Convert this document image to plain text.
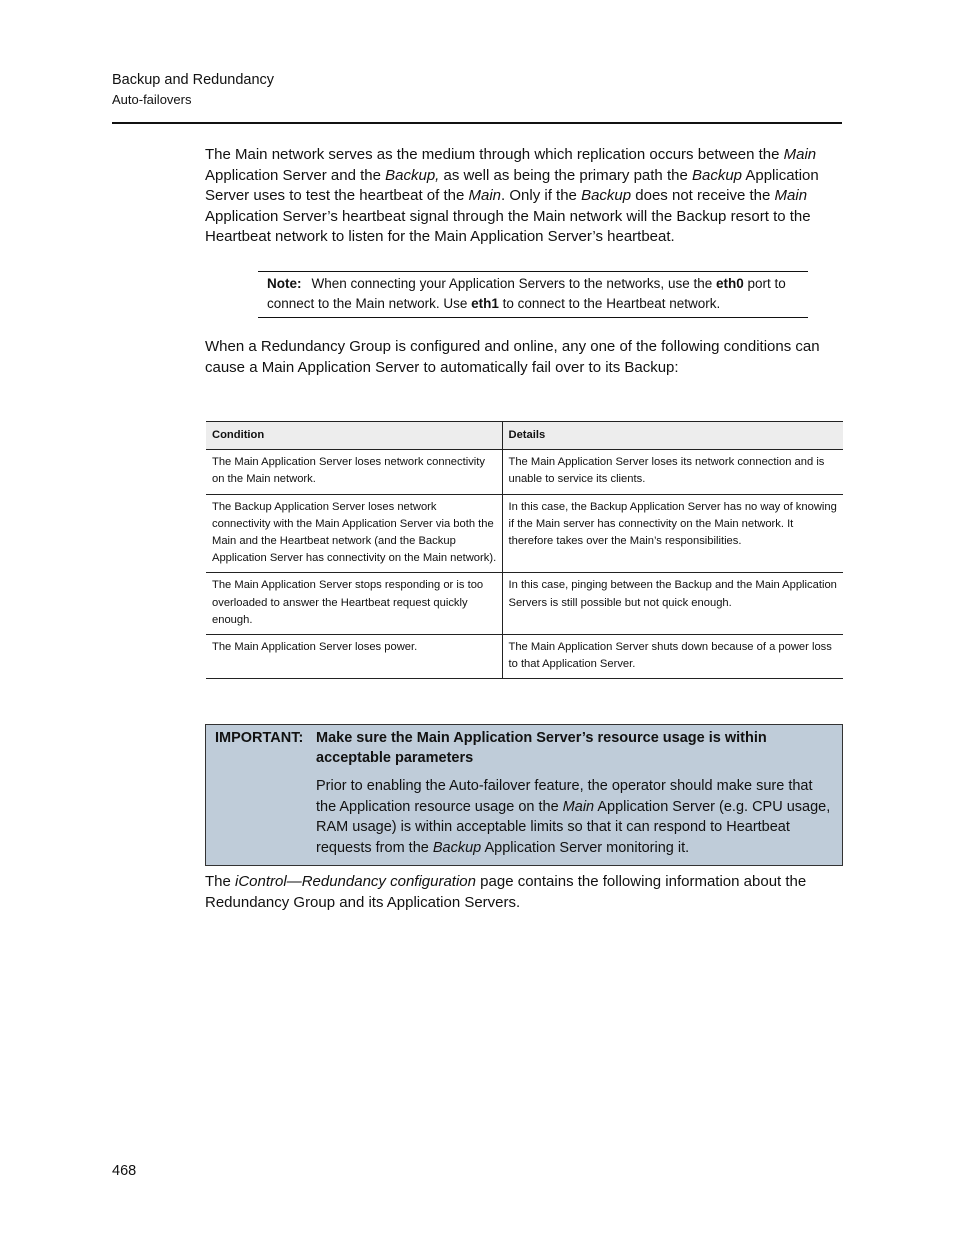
Backup and Redundancy
Auto-failovers

The Main network serves as the medium through which replication occurs between the Main Application Server and the Backup, as well as being the primary path the Backup Application Server uses to test the heartbeat of the Main. Only if the Backup does not receive the Main Application Server’s heartbeat signal through the Main network will the Backup resort to the Heartbeat network to listen for the Main Application Server’s heartbeat.

Note: When connecting your Application Servers to the networks, use the eth0 port to connect to the Main network. Use eth1 to connect to the Heartbeat network.

When a Redundancy Group is configured and online, any one of the following conditions can cause a Main Application Server to automatically fail over to its Backup:

Condition	Details
The Main Application Server loses network connectivity on the Main network.	The Main Application Server loses its network connection and is unable to service its clients.
The Backup Application Server loses network connectivity with the Main Application Server via both the Main and the Heartbeat network (and the Backup Application Server has connectivity on the Main network).	In this case, the Backup Application Server has no way of knowing if the Main server has connectivity on the Main network. It therefore takes over the Main’s responsibilities.
The Main Application Server stops responding or is too overloaded to answer the Heartbeat request quickly enough.	In this case, pinging between the Backup and the Main Application Servers is still possible but not quick enough.
The Main Application Server loses power.	The Main Application Server shuts down because of a power loss to that Application Server.
IMPORTANT: Make sure the Main Application Server’s resource usage is within acceptable parameters

Prior to enabling the Auto-failover feature, the operator should make sure that the Application resource usage on the Main Application Server (e.g. CPU usage, RAM usage) is within acceptable limits so that it can respond to Heartbeat requests from the Backup Application Server monitoring it.

The iControl—Redundancy configuration page contains the following information about the Redundancy Group and its Application Servers.

468
